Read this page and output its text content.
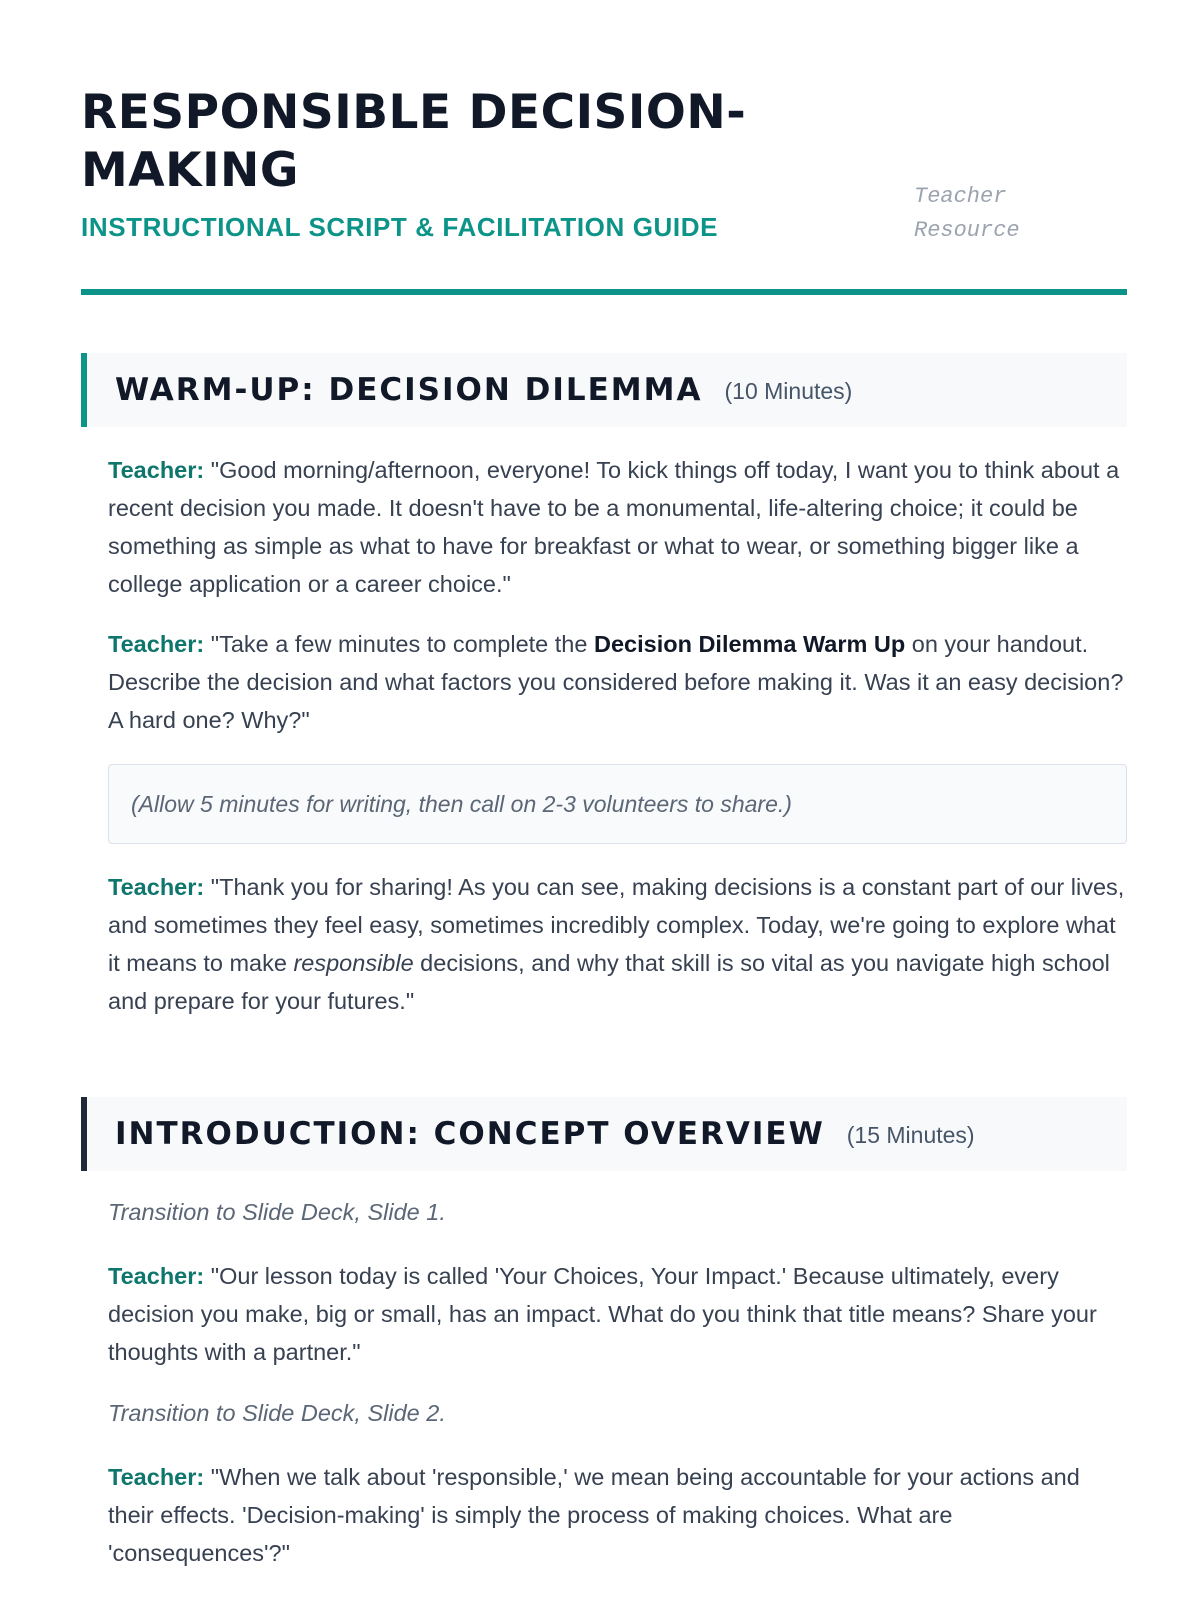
RESPONSIBLE DECISION-MAKING
INSTRUCTIONAL SCRIPT & FACILITATION GUIDE
Teacher Resource
WARM-UP: DECISION DILEMMA (10 Minutes)

Teacher: "Good morning/afternoon, everyone! To kick things off today, I want you to think about a recent decision you made. It doesn't have to be a monumental, life-altering choice; it could be something as simple as what to have for breakfast or what to wear, or something bigger like a college application or a career choice."

Teacher: "Take a few minutes to complete the Decision Dilemma Warm Up on your handout. Describe the decision and what factors you considered before making it. Was it an easy decision? A hard one? Why?"

(Allow 5 minutes for writing, then call on 2-3 volunteers to share.)

Teacher: "Thank you for sharing! As you can see, making decisions is a constant part of our lives, and sometimes they feel easy, sometimes incredibly complex. Today, we're going to explore what it means to make responsible decisions, and why that skill is so vital as you navigate high school and prepare for your futures."

INTRODUCTION: CONCEPT OVERVIEW (15 Minutes)
Transition to Slide Deck, Slide 1.

Teacher: "Our lesson today is called 'Your Choices, Your Impact.' Because ultimately, every decision you make, big or small, has an impact. What do you think that title means? Share your thoughts with a partner."

Transition to Slide Deck, Slide 2.

Teacher: "When we talk about 'responsible,' we mean being accountable for your actions and their effects. 'Decision-making' is simply the process of making choices. What are 'consequences'?"
